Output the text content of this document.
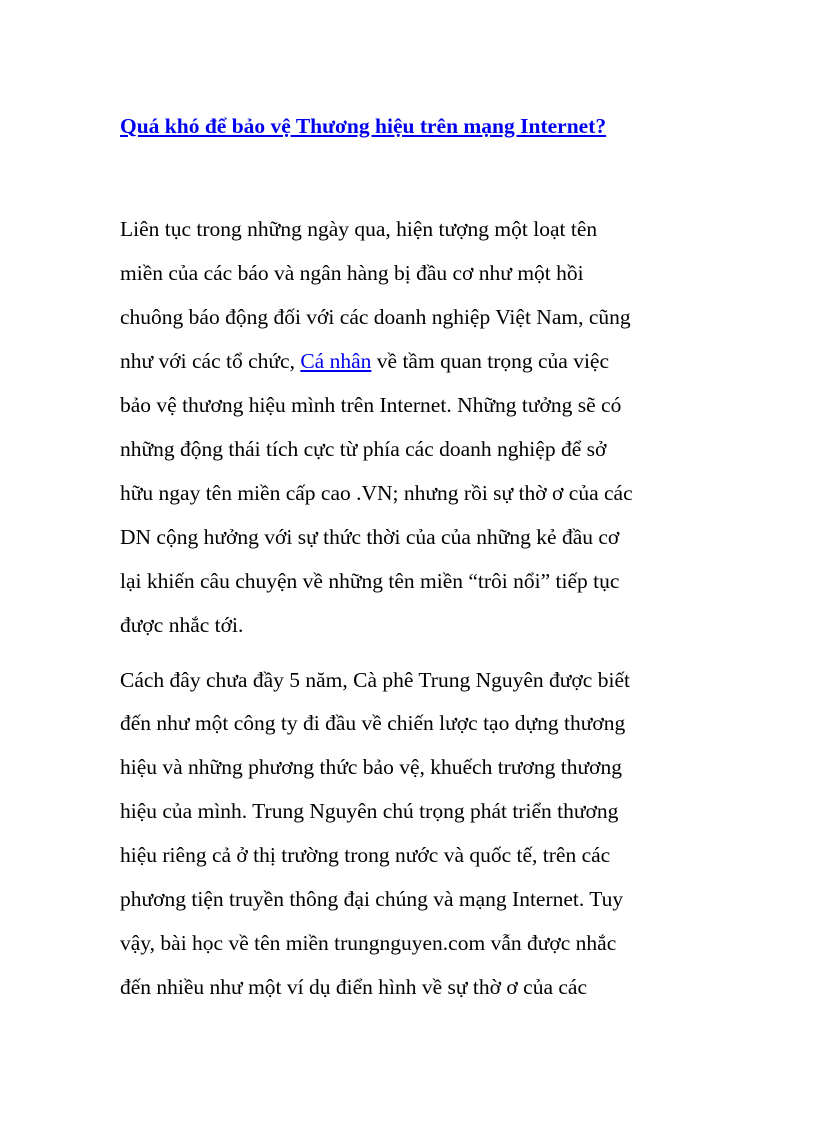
Quá khó để bảo vệ Thương hiệu trên mạng Internet?
Liên tục trong những ngày qua, hiện tượng một loạt tên
miền của các báo và ngân hàng bị đầu cơ như một hồi
chuông báo động đối với các doanh nghiệp Việt Nam, cũng
như với các tổ chức, Cá nhân về tầm quan trọng của việc
bảo vệ thương hiệu mình trên Internet. Những tưởng sẽ có
những động thái tích cực từ phía các doanh nghiệp để sở
hữu ngay tên miền cấp cao .VN; nhưng rồi sự thờ ơ của các
DN cộng hưởng với sự thức thời của của những kẻ đầu cơ
lại khiến câu chuyện về những tên miền “trôi nổi” tiếp tục
được nhắc tới.
Cách đây chưa đầy 5 năm, Cà phê Trung Nguyên được biết
đến như một công ty đi đầu về chiến lược tạo dựng thương
hiệu và những phương thức bảo vệ, khuếch trương thương
hiệu của mình. Trung Nguyên chú trọng phát triển thương
hiệu riêng cả ở thị trường trong nước và quốc tế, trên các
phương tiện truyền thông đại chúng và mạng Internet. Tuy
vậy, bài học về tên miền trungnguyen.com vẫn được nhắc
đến nhiều như một ví dụ điển hình về sự thờ ơ của các
